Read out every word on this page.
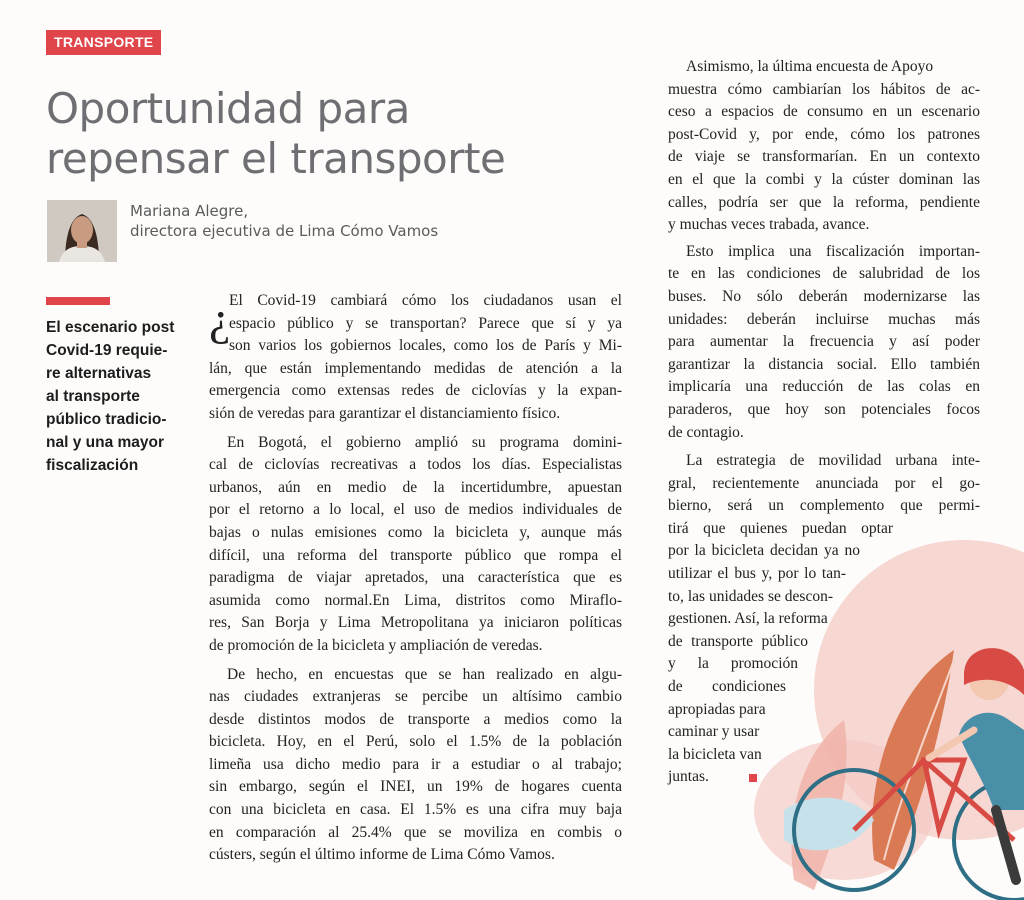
TRANSPORTE
Oportunidad para
repensar el transporte
Mariana Alegre,
directora ejecutiva de Lima Cómo Vamos

El escenario post
Covid-19 requie-
re alternativas
al transporte
público tradicio-
nal y una mayor
fiscalización

¿
El Covid-19 cambiará cómo los ciudadanos usan el
espacio público y se transportan? Parece que sí y ya
son varios los gobiernos locales, como los de París y Mi-
lán, que están implementando medidas de atención a la
emergencia como extensas redes de ciclovías y la expan-
sión de veredas para garantizar el distanciamiento físico.
En Bogotá, el gobierno amplió su programa domini-
cal de ciclovías recreativas a todos los días. Especialistas
urbanos, aún en medio de la incertidumbre, apuestan
por el retorno a lo local, el uso de medios individuales de
bajas o nulas emisiones como la bicicleta y, aunque más
difícil, una reforma del transporte público que rompa el
paradigma de viajar apretados, una característica que es
asumida como normal.En Lima, distritos como Miraflo-
res, San Borja y Lima Metropolitana ya iniciaron políticas
de promoción de la bicicleta y ampliación de veredas.
De hecho, en encuestas que se han realizado en algu-
nas ciudades extranjeras se percibe un altísimo cambio
desde distintos modos de transporte a medios como la
bicicleta. Hoy, en el Perú, solo el 1.5% de la población
limeña usa dicho medio para ir a estudiar o al trabajo;
sin embargo, según el INEI, un 19% de hogares cuenta
con una bicicleta en casa. El 1.5% es una cifra muy baja
en comparación al 25.4% que se moviliza en combis o
cústers, según el último informe de Lima Cómo Vamos.
Asimismo, la última encuesta de Apoyo
muestra cómo cambiarían los hábitos de ac-
ceso a espacios de consumo en un escenario
post-Covid y, por ende, cómo los patrones
de viaje se transformarían. En un contexto
en el que la combi y la cúster dominan las
calles, podría ser que la reforma, pendiente
y muchas veces trabada, avance.
Esto implica una fiscalización importan-
te en las condiciones de salubridad de los
buses. No sólo deberán modernizarse las
unidades: deberán incluirse muchas más
para aumentar la frecuencia y así poder
garantizar la distancia social. Ello también
implicaría una reducción de las colas en
paraderos, que hoy son potenciales focos
de contagio.
La estrategia de movilidad urbana inte-
gral, recientemente anunciada por el go-
bierno, será un complemento que permi-
tirá que quienes puedan optar
por la bicicleta decidan ya no
utilizar el bus y, por lo tan-
to, las unidades se descon-
gestionen. Así, la reforma
de transporte público
y la promoción
de condiciones
apropiadas para
caminar y usar
la bicicleta van
juntas.
